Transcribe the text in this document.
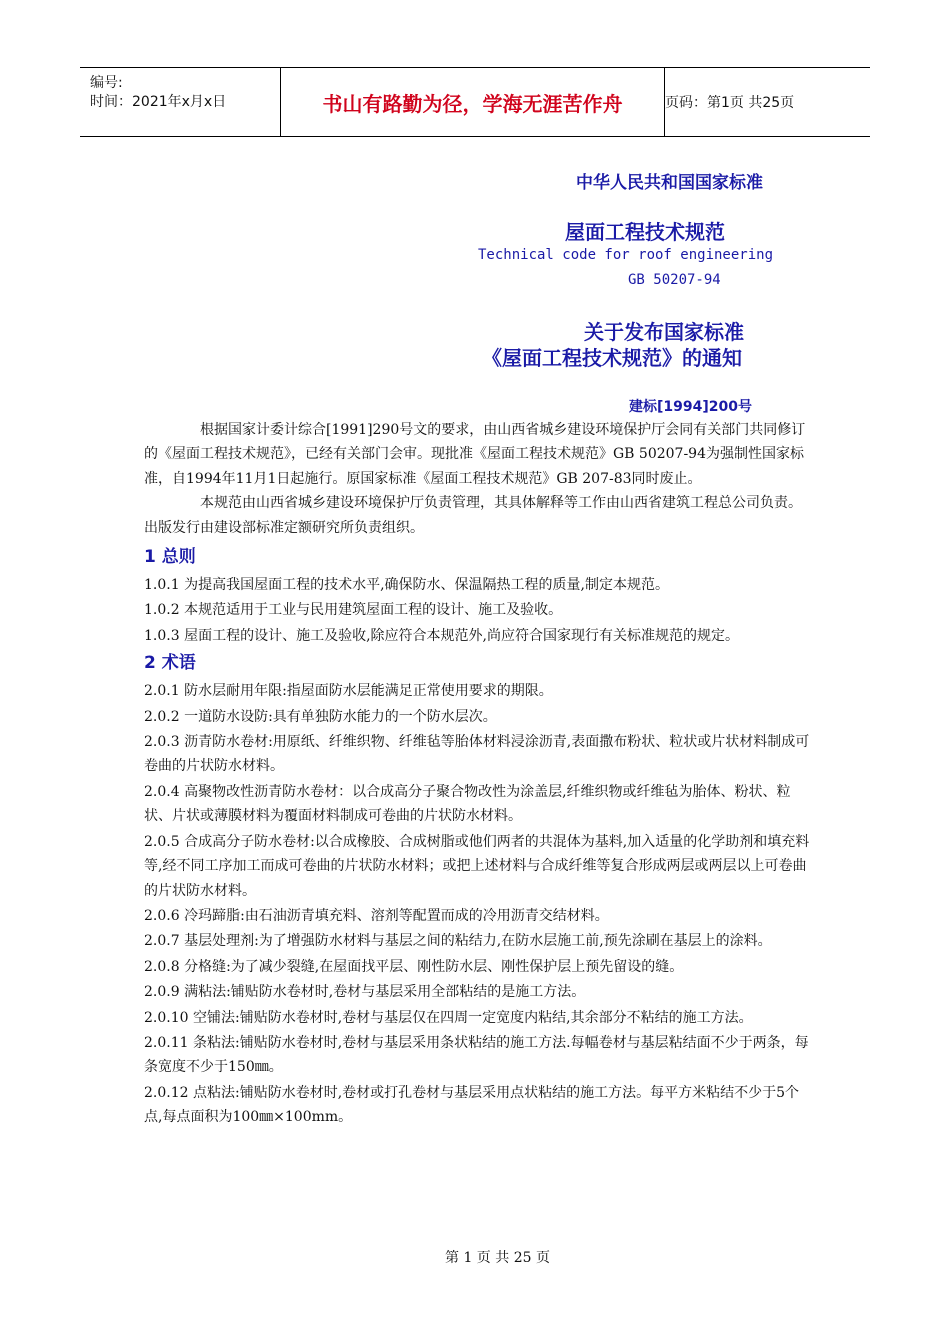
编号:
时间：2021年x月x日	书山有路勤为径，学海无涯苦作舟	页码：第1页 共25页
中华人民共和国国家标准
屋面工程技术规范
Technical code for roof engineering
GB 50207-94
关于发布国家标准
《屋面工程技术规范》的通知
建标[1994]200号

根据国家计委计综合[1991]290号文的要求，由山西省城乡建设环境保护厅会同有关部门共同修订的《屋面工程技术规范》，已经有关部门会审。现批准《屋面工程技术规范》GB 50207-94为强制性国家标准，自1994年11月1日起施行。原国家标准《屋面工程技术规范》GB 207-83同时废止。

本规范由山西省城乡建设环境保护厅负责管理，其具体解释等工作由山西省建筑工程总公司负责。出版发行由建设部标准定额研究所负责组织。

1 总则

1.0.1 为提高我国屋面工程的技术水平,确保防水、保温隔热工程的质量,制定本规范。

1.0.2 本规范适用于工业与民用建筑屋面工程的设计、施工及验收。

1.0.3 屋面工程的设计、施工及验收,除应符合本规范外,尚应符合国家现行有关标准规范的规定。

2 术语

2.0.1 防水层耐用年限:指屋面防水层能满足正常使用要求的期限。

2.0.2 一道防水设防:具有单独防水能力的一个防水层次。

2.0.3 沥青防水卷材:用原纸、纤维织物、纤维毡等胎体材料浸涂沥青,表面撒布粉状、粒状或片状材料制成可卷曲的片状防水材料。

2.0.4 高聚物改性沥青防水卷材：以合成高分子聚合物改性为涂盖层,纤维织物或纤维毡为胎体、粉状、粒状、片状或薄膜材料为覆面材料制成可卷曲的片状防水材料。

2.0.5 合成高分子防水卷材:以合成橡胶、合成树脂或他们两者的共混体为基料,加入适量的化学助剂和填充料等,经不同工序加工而成可卷曲的片状防水材料；或把上述材料与合成纤维等复合形成两层或两层以上可卷曲的片状防水材料。

2.0.6 冷玛蹄脂:由石油沥青填充料、溶剂等配置而成的冷用沥青交结材料。

2.0.7 基层处理剂:为了增强防水材料与基层之间的粘结力,在防水层施工前,预先涂刷在基层上的涂料。

2.0.8 分格缝:为了减少裂缝,在屋面找平层、刚性防水层、刚性保护层上预先留设的缝。

2.0.9 满粘法:铺贴防水卷材时,卷材与基层采用全部粘结的是施工方法。

2.0.10 空铺法:铺贴防水卷材时,卷材与基层仅在四周一定宽度内粘结,其余部分不粘结的施工方法。

2.0.11 条粘法:铺贴防水卷材时,卷材与基层采用条状粘结的施工方法.每幅卷材与基层粘结面不少于两条，每条宽度不少于150㎜。

2.0.12 点粘法:铺贴防水卷材时,卷材或打孔卷材与基层采用点状粘结的施工方法。每平方米粘结不少于5个点,每点面积为100㎜×100mm。

第 1 页 共 25 页
